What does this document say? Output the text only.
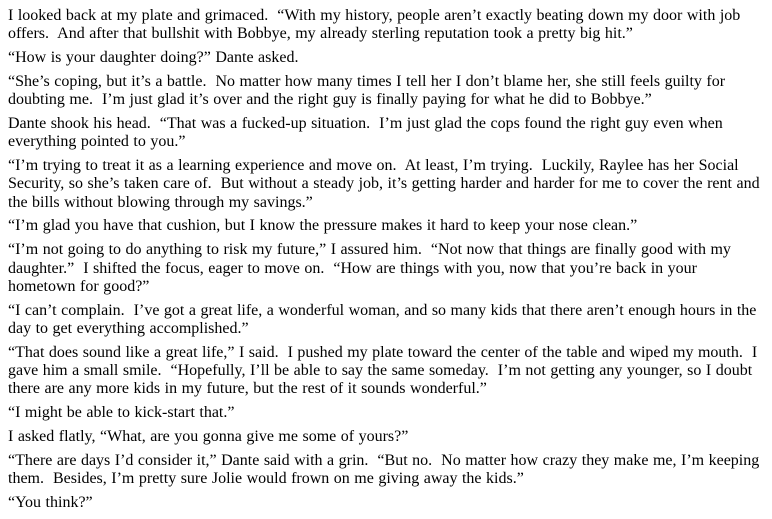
I looked back at my plate and grimaced.  “With my history, people aren’t exactly beating down my door with job offers.  And after that bullshit with Bobbye, my already sterling reputation took a pretty big hit.”

“How is your daughter doing?” Dante asked.

“She’s coping, but it’s a battle.  No matter how many times I tell her I don’t blame her, she still feels guilty for doubting me.  I’m just glad it’s over and the right guy is finally paying for what he did to Bobbye.”

Dante shook his head.  “That was a fucked-up situation.  I’m just glad the cops found the right guy even when everything pointed to you.”

“I’m trying to treat it as a learning experience and move on.  At least, I’m trying.  Luckily, Raylee has her Social Security, so she’s taken care of.  But without a steady job, it’s getting harder and harder for me to cover the rent and the bills without blowing through my savings.”

“I’m glad you have that cushion, but I know the pressure makes it hard to keep your nose clean.”

“I’m not going to do anything to risk my future,” I assured him.  “Not now that things are finally good with my daughter.”  I shifted the focus, eager to move on.  “How are things with you, now that you’re back in your hometown for good?”

“I can’t complain.  I’ve got a great life, a wonderful woman, and so many kids that there aren’t enough hours in the day to get everything accomplished.”

“That does sound like a great life,” I said.  I pushed my plate toward the center of the table and wiped my mouth.  I gave him a small smile.  “Hopefully, I’ll be able to say the same someday.  I’m not getting any younger, so I doubt there are any more kids in my future, but the rest of it sounds wonderful.”

“I might be able to kick-start that.”

I asked flatly, “What, are you gonna give me some of yours?”

“There are days I’d consider it,” Dante said with a grin.  “But no.  No matter how crazy they make me, I’m keeping them.  Besides, I’m pretty sure Jolie would frown on me giving away the kids.”

“You think?”
